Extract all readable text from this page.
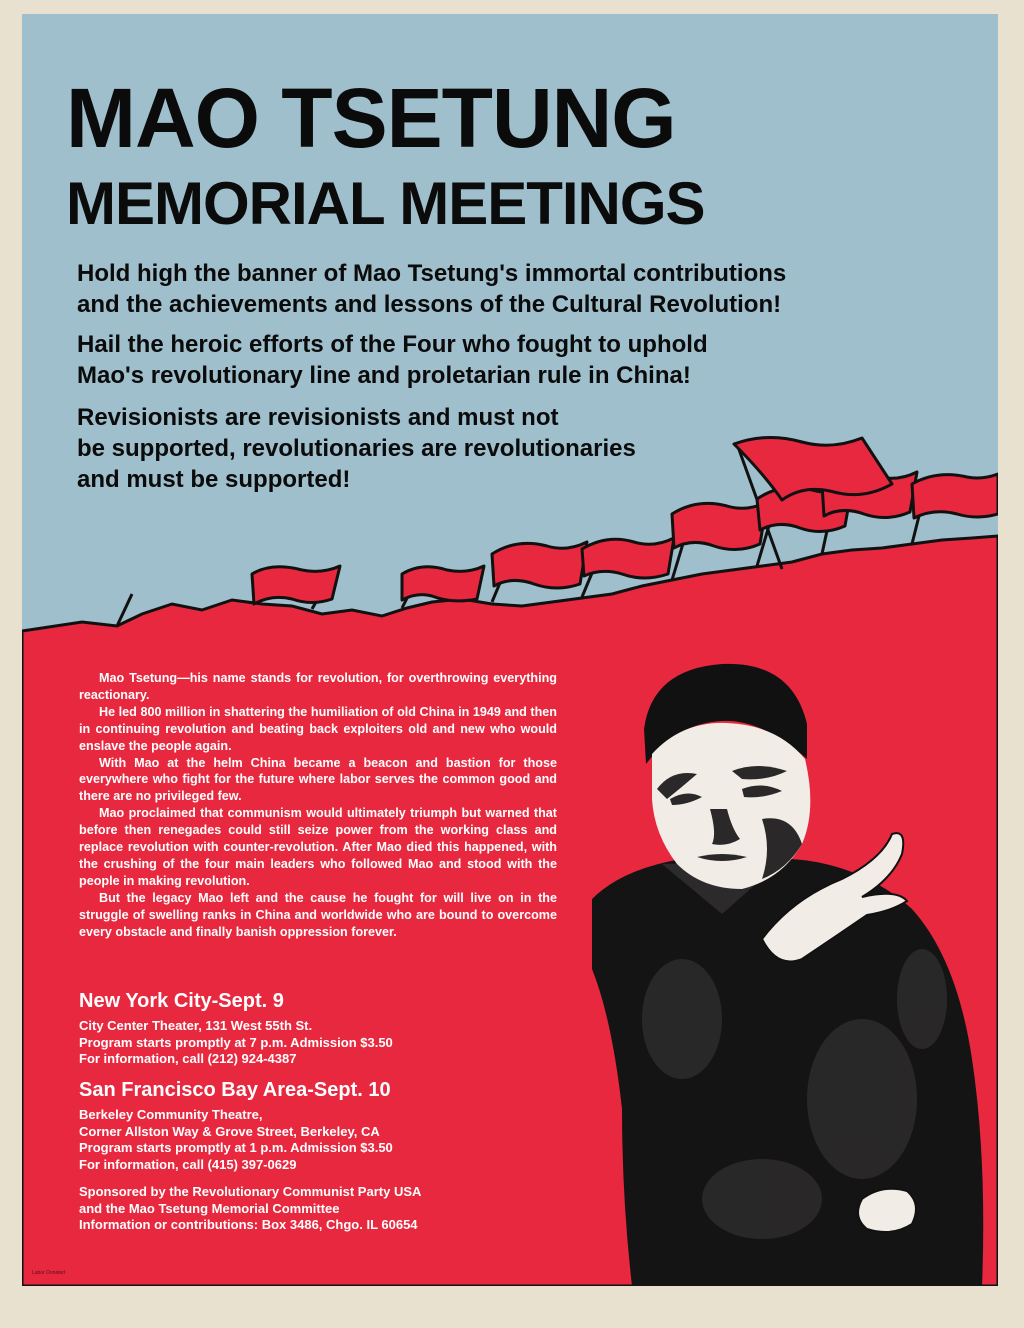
MAO TSETUNG
MEMORIAL MEETINGS

Hold high the banner of Mao Tsetung's immortal contributions
and the achievements and lessons of the Cultural Revolution!

Hail the heroic efforts of the Four who fought to uphold
Mao's revolutionary line and proletarian rule in China!

Revisionists are revisionists and must not
be supported, revolutionaries are revolutionaries
and must be supported!

Mao Tsetung—his name stands for revolution, for overthrowing everything reactionary.

He led 800 million in shattering the humiliation of old China in 1949 and then in continuing revolution and beating back exploiters old and new who would enslave the people again.

With Mao at the helm China became a beacon and bastion for those everywhere who fight for the future where labor serves the common good and there are no privileged few.

Mao proclaimed that communism would ultimately triumph but warned that before then renegades could still seize power from the working class and replace revolution with counter-revolution. After Mao died this happened, with the crushing of the four main leaders who followed Mao and stood with the people in making revolution.

But the legacy Mao left and the cause he fought for will live on in the struggle of swelling ranks in China and worldwide who are bound to overcome every obstacle and finally banish oppression forever.

New York City-Sept. 9

City Center Theater, 131 West 55th St.
Program starts promptly at 7 p.m. Admission $3.50
For information, call (212) 924-4387

San Francisco Bay Area-Sept. 10

Berkeley Community Theatre,
Corner Allston Way & Grove Street, Berkeley, CA
Program starts promptly at 1 p.m. Admission $3.50
For information, call (415) 397-0629

Sponsored by the Revolutionary Communist Party USA
and the Mao Tsetung Memorial Committee
Information or contributions: Box 3486, Chgo. IL 60654

Labor Donated
